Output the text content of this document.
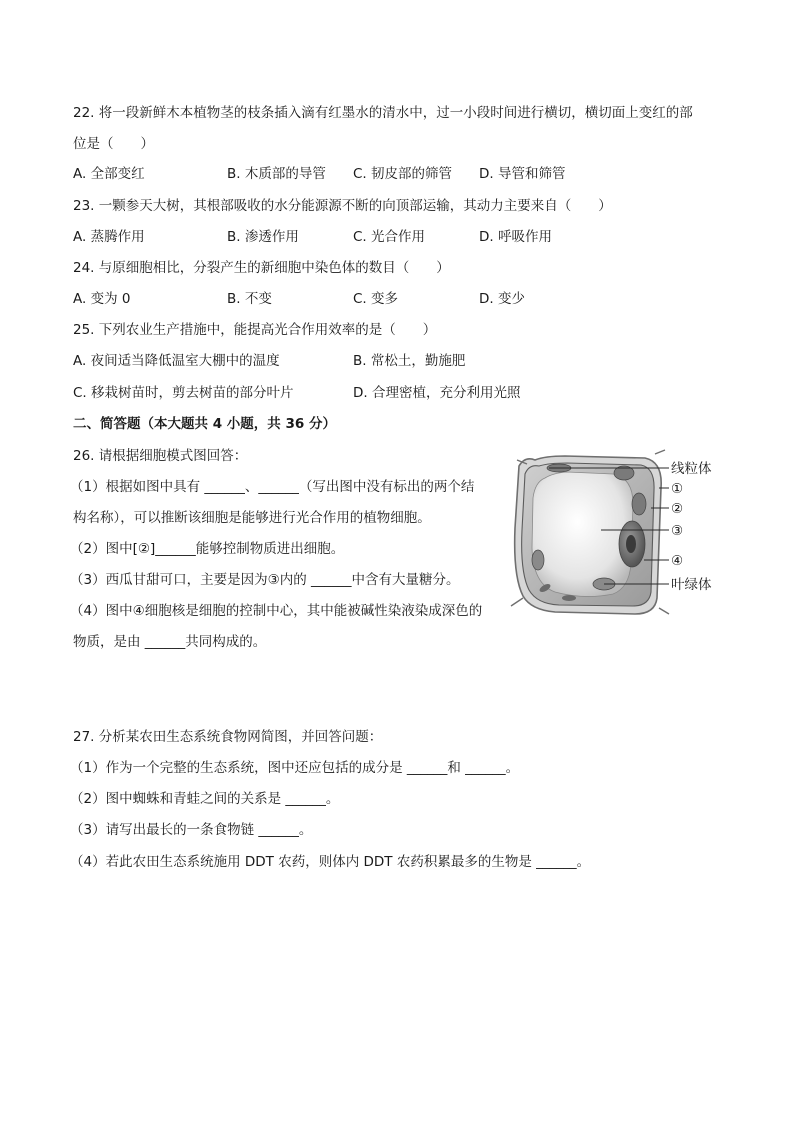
22. 将一段新鲜木本植物茎的枝条插入滴有红墨水的清水中，过一小段时间进行横切，横切面上变红的部
位是（　　）
A. 全部变红	B. 木质部的导管 C. 韧皮部的筛管 D. 导管和筛管
23. 一颗参天大树，其根部吸收的水分能源源不断的向顶部运输，其动力主要来自（　　）
A. 蒸腾作用	B. 渗透作用	C. 光合作用	D. 呼吸作用
24. 与原细胞相比，分裂产生的新细胞中染色体的数目（　　）
A. 变为 0	B. 不变	C. 变多	D. 变少
25. 下列农业生产措施中，能提高光合作用效率的是（　　）
A. 夜间适当降低温室大棚中的温度	B. 常松土，勤施肥
C. 移栽树苗时，剪去树苗的部分叶片	D. 合理密植，充分利用光照
二、简答题（本大题共 4 小题，共 36 分）
26. 请根据细胞模式图回答：
（1）根据如图中具有 ______、______（写出图中没有标出的两个结
构名称），可以推断该细胞是能够进行光合作用的植物细胞。
（2）图中[②]______能够控制物质进出细胞。
（3）西瓜甘甜可口，主要是因为③内的 ______中含有大量糖分。
（4）图中④细胞核是细胞的控制中心，其中能被碱性染液染成深色的
物质，是由 ______共同构成的。
线粒体
①
②
③
④
叶绿体
27. 分析某农田生态系统食物网简图，并回答问题：
（1）作为一个完整的生态系统，图中还应包括的成分是 ______和 ______。
（2）图中蜘蛛和青蛙之间的关系是 ______。
（3）请写出最长的一条食物链 ______。
（4）若此农田生态系统施用 DDT 农药，则体内 DDT 农药积累最多的生物是 ______。
